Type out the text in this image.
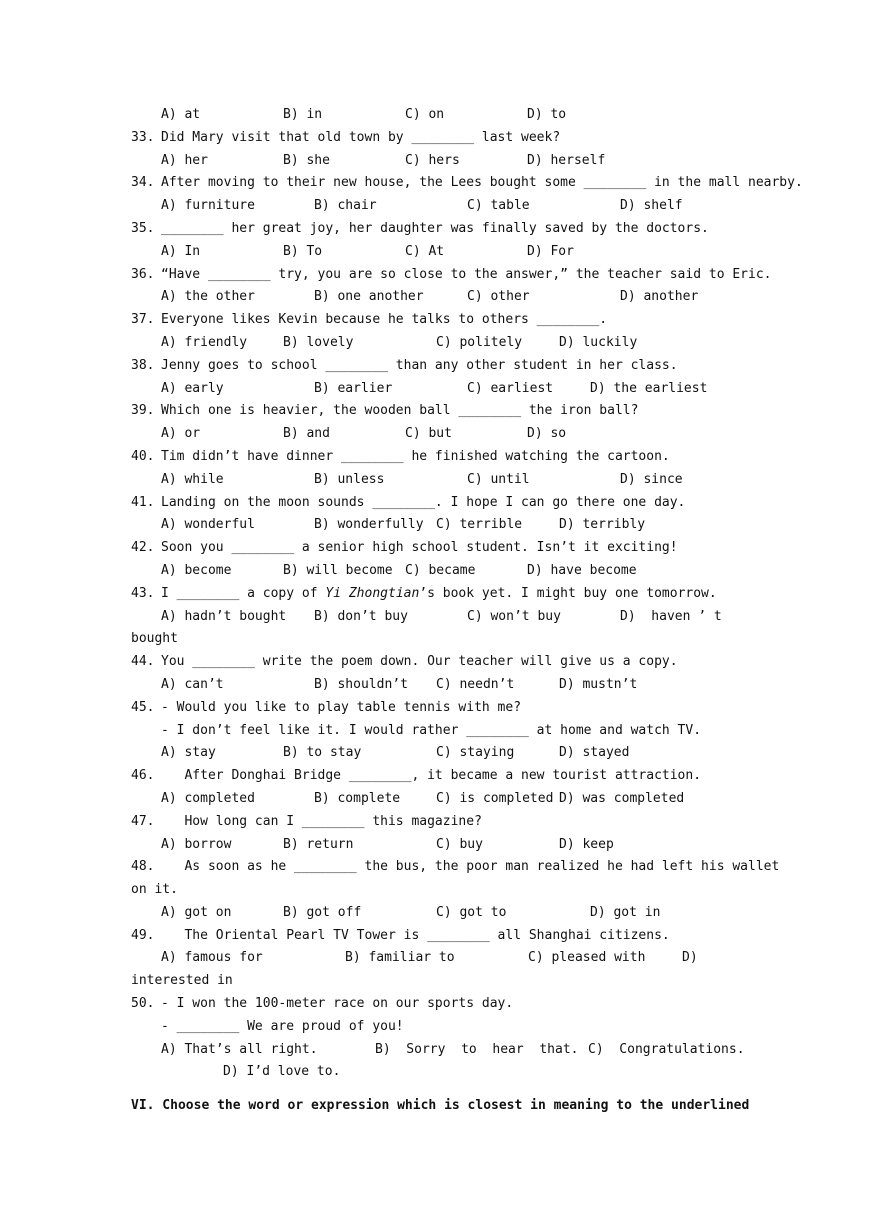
A) at	B) in	C) on	D) to
33. Did Mary visit that old town by ________ last week?
A) her	B) she	C) hers	D) herself
34. After moving to their new house, the Lees bought some ________ in the mall nearby.
A) furniture	B) chair	C) table	D) shelf
35. ________ her great joy, her daughter was finally saved by the doctors.
A) In	B) To	C) At	D) For
36. “Have ________ try, you are so close to the answer,” the teacher said to Eric.
A) the other	B) one another	C) other	D) another
37. Everyone likes Kevin because he talks to others ________.
A) friendly	B) lovely	C) politely	D) luckily
38. Jenny goes to school ________ than any other student in her class.
A) early	B) earlier	C) earliest	D) the earliest
39. Which one is heavier, the wooden ball ________ the iron ball?
A) or	B) and	C) but	D) so
40. Tim didn’t have dinner ________ he finished watching the cartoon.
A) while	B) unless	C) until	D) since
41. Landing on the moon sounds ________. I hope I can go there one day.
A) wonderful	B) wonderfully C) terrible	D) terribly
42. Soon you ________ a senior high school student. Isn’t it exciting!
A) become	B) will become C) became	D) have become
43. I ________ a copy of Yi Zhongtian’s book yet. I might buy one tomorrow.
A) hadn’t bought B) don’t buy	C) won’t buy	D)  haven ’ t
bought
44. You ________ write the poem down. Our teacher will give us a copy.
A) can’t	B) shouldn’t C) needn’t	D) mustn’t
45. - Would you like to play table tennis with me?
- I don’t feel like it. I would rather ________ at home and watch TV.
A) stay	B) to stay	C) staying	D) stayed
46. After Donghai Bridge ________, it became a new tourist attraction.
A) completed	B) complete	C) is completed D) was completed
47. How long can I ________ this magazine?
A) borrow	B) return	C) buy	D) keep
48. As soon as he ________ the bus, the poor man realized he had left his wallet
on it.
A) got on	B) got off	C) got to	D) got in
49. The Oriental Pearl TV Tower is ________ all Shanghai citizens.
A) famous for	B) familiar to	C) pleased with	D)
interested in
50. - I won the 100-meter race on our sports day.
- ________ We are proud of you!
A) That’s all right.	B)  Sorry  to  hear  that. C)  Congratulations.
D) I’d love to.
VI. Choose the word or expression which is closest in meaning to the underlined
